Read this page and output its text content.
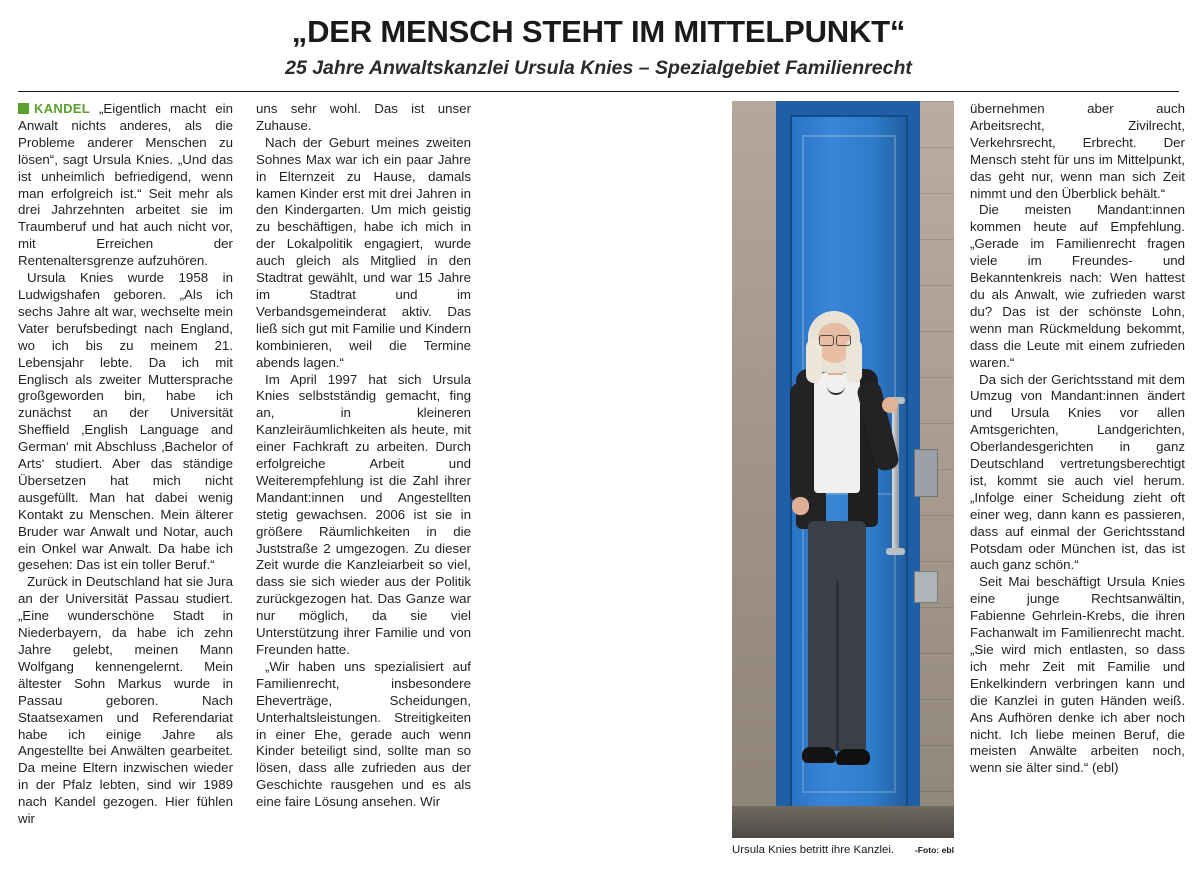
„DER MENSCH STEHT IM MITTELPUNKT“
25 Jahre Anwaltskanzlei Ursula Knies – Spezialgebiet Familienrecht

KANDEL „Eigentlich macht ein Anwalt nichts anderes, als die Probleme anderer Menschen zu lösen“, sagt Ursula Knies. „Und das ist unheimlich befriedigend, wenn man erfolgreich ist.“ Seit mehr als drei Jahrzehnten arbeitet sie im Traumberuf und hat auch nicht vor, mit Erreichen der Rentenaltersgrenze aufzuhören.

Ursula Knies wurde 1958 in Ludwigshafen geboren. „Als ich sechs Jahre alt war, wechselte mein Vater berufsbedingt nach England, wo ich bis zu meinem 21. Lebensjahr lebte. Da ich mit Englisch als zweiter Muttersprache großgeworden bin, habe ich zunächst an der Universität Sheffield ‚English Language and German‘ mit Abschluss ‚Bachelor of Arts‘ studiert. Aber das ständige Übersetzen hat mich nicht ausgefüllt. Man hat dabei wenig Kontakt zu Menschen. Mein älterer Bruder war Anwalt und Notar, auch ein Onkel war Anwalt. Da habe ich gesehen: Das ist ein toller Beruf.“

Zurück in Deutschland hat sie Jura an der Universität Passau studiert. „Eine wunderschöne Stadt in Niederbayern, da habe ich zehn Jahre gelebt, meinen Mann Wolfgang kennengelernt. Mein ältester Sohn Markus wurde in Passau geboren. Nach Staatsexamen und Referendariat habe ich einige Jahre als Angestellte bei Anwälten gearbeitet. Da meine Eltern inzwischen wieder in der Pfalz lebten, sind wir 1989 nach Kandel gezogen. Hier fühlen wir

uns sehr wohl. Das ist unser Zuhause.

Nach der Geburt meines zweiten Sohnes Max war ich ein paar Jahre in Elternzeit zu Hause, damals kamen Kinder erst mit drei Jahren in den Kindergarten. Um mich geistig zu beschäftigen, habe ich mich in der Lokalpolitik engagiert, wurde auch gleich als Mitglied in den Stadtrat gewählt, und war 15 Jahre im Stadtrat und im Verbandsgemeinderat aktiv. Das ließ sich gut mit Familie und Kindern kombinieren, weil die Termine abends lagen.“

Im April 1997 hat sich Ursula Knies selbstständig gemacht, fing an, in kleineren Kanzleiräumlichkeiten als heute, mit einer Fachkraft zu arbeiten. Durch erfolgreiche Arbeit und Weiterempfehlung ist die Zahl ihrer Mandant:innen und Angestellten stetig gewachsen. 2006 ist sie in größere Räumlichkeiten in die Juststraße 2 umgezogen. Zu dieser Zeit wurde die Kanzleiarbeit so viel, dass sie sich wieder aus der Politik zurückgezogen hat. Das Ganze war nur möglich, da sie viel Unterstützung ihrer Familie und von Freunden hatte.

„Wir haben uns spezialisiert auf Familienrecht, insbesondere Eheverträge, Scheidungen, Unterhaltsleistungen. Streitigkeiten in einer Ehe, gerade auch wenn Kinder beteiligt sind, sollte man so lösen, dass alle zufrieden aus der Geschichte rausgehen und es als eine faire Lösung ansehen. Wir

Ursula Knies betritt ihre Kanzlei. -Foto: ebl

übernehmen aber auch Arbeitsrecht, Zivilrecht, Verkehrsrecht, Erbrecht. Der Mensch steht für uns im Mittelpunkt, das geht nur, wenn man sich Zeit nimmt und den Überblick behält.“

Die meisten Mandant:innen kommen heute auf Empfehlung. „Gerade im Familienrecht fragen viele im Freundes- und Bekanntenkreis nach: Wen hattest du als Anwalt, wie zufrieden warst du? Das ist der schönste Lohn, wenn man Rückmeldung bekommt, dass die Leute mit einem zufrieden waren.“

Da sich der Gerichtsstand mit dem Umzug von Mandant:innen ändert und Ursula Knies vor allen Amtsgerichten, Landgerichten, Oberlandesgerichten in ganz Deutschland vertretungsberechtigt ist, kommt sie auch viel herum. „Infolge einer Scheidung zieht oft einer weg, dann kann es passieren, dass auf einmal der Gerichtsstand Potsdam oder München ist, das ist auch ganz schön.“

Seit Mai beschäftigt Ursula Knies eine junge Rechtsanwältin, Fabienne Gehrlein-Krebs, die ihren Fachanwalt im Familienrecht macht. „Sie wird mich entlasten, so dass ich mehr Zeit mit Familie und Enkelkindern verbringen kann und die Kanzlei in guten Händen weiß. Ans Aufhören denke ich aber noch nicht. Ich liebe meinen Beruf, die meisten Anwälte arbeiten noch, wenn sie älter sind.“ (ebl)
